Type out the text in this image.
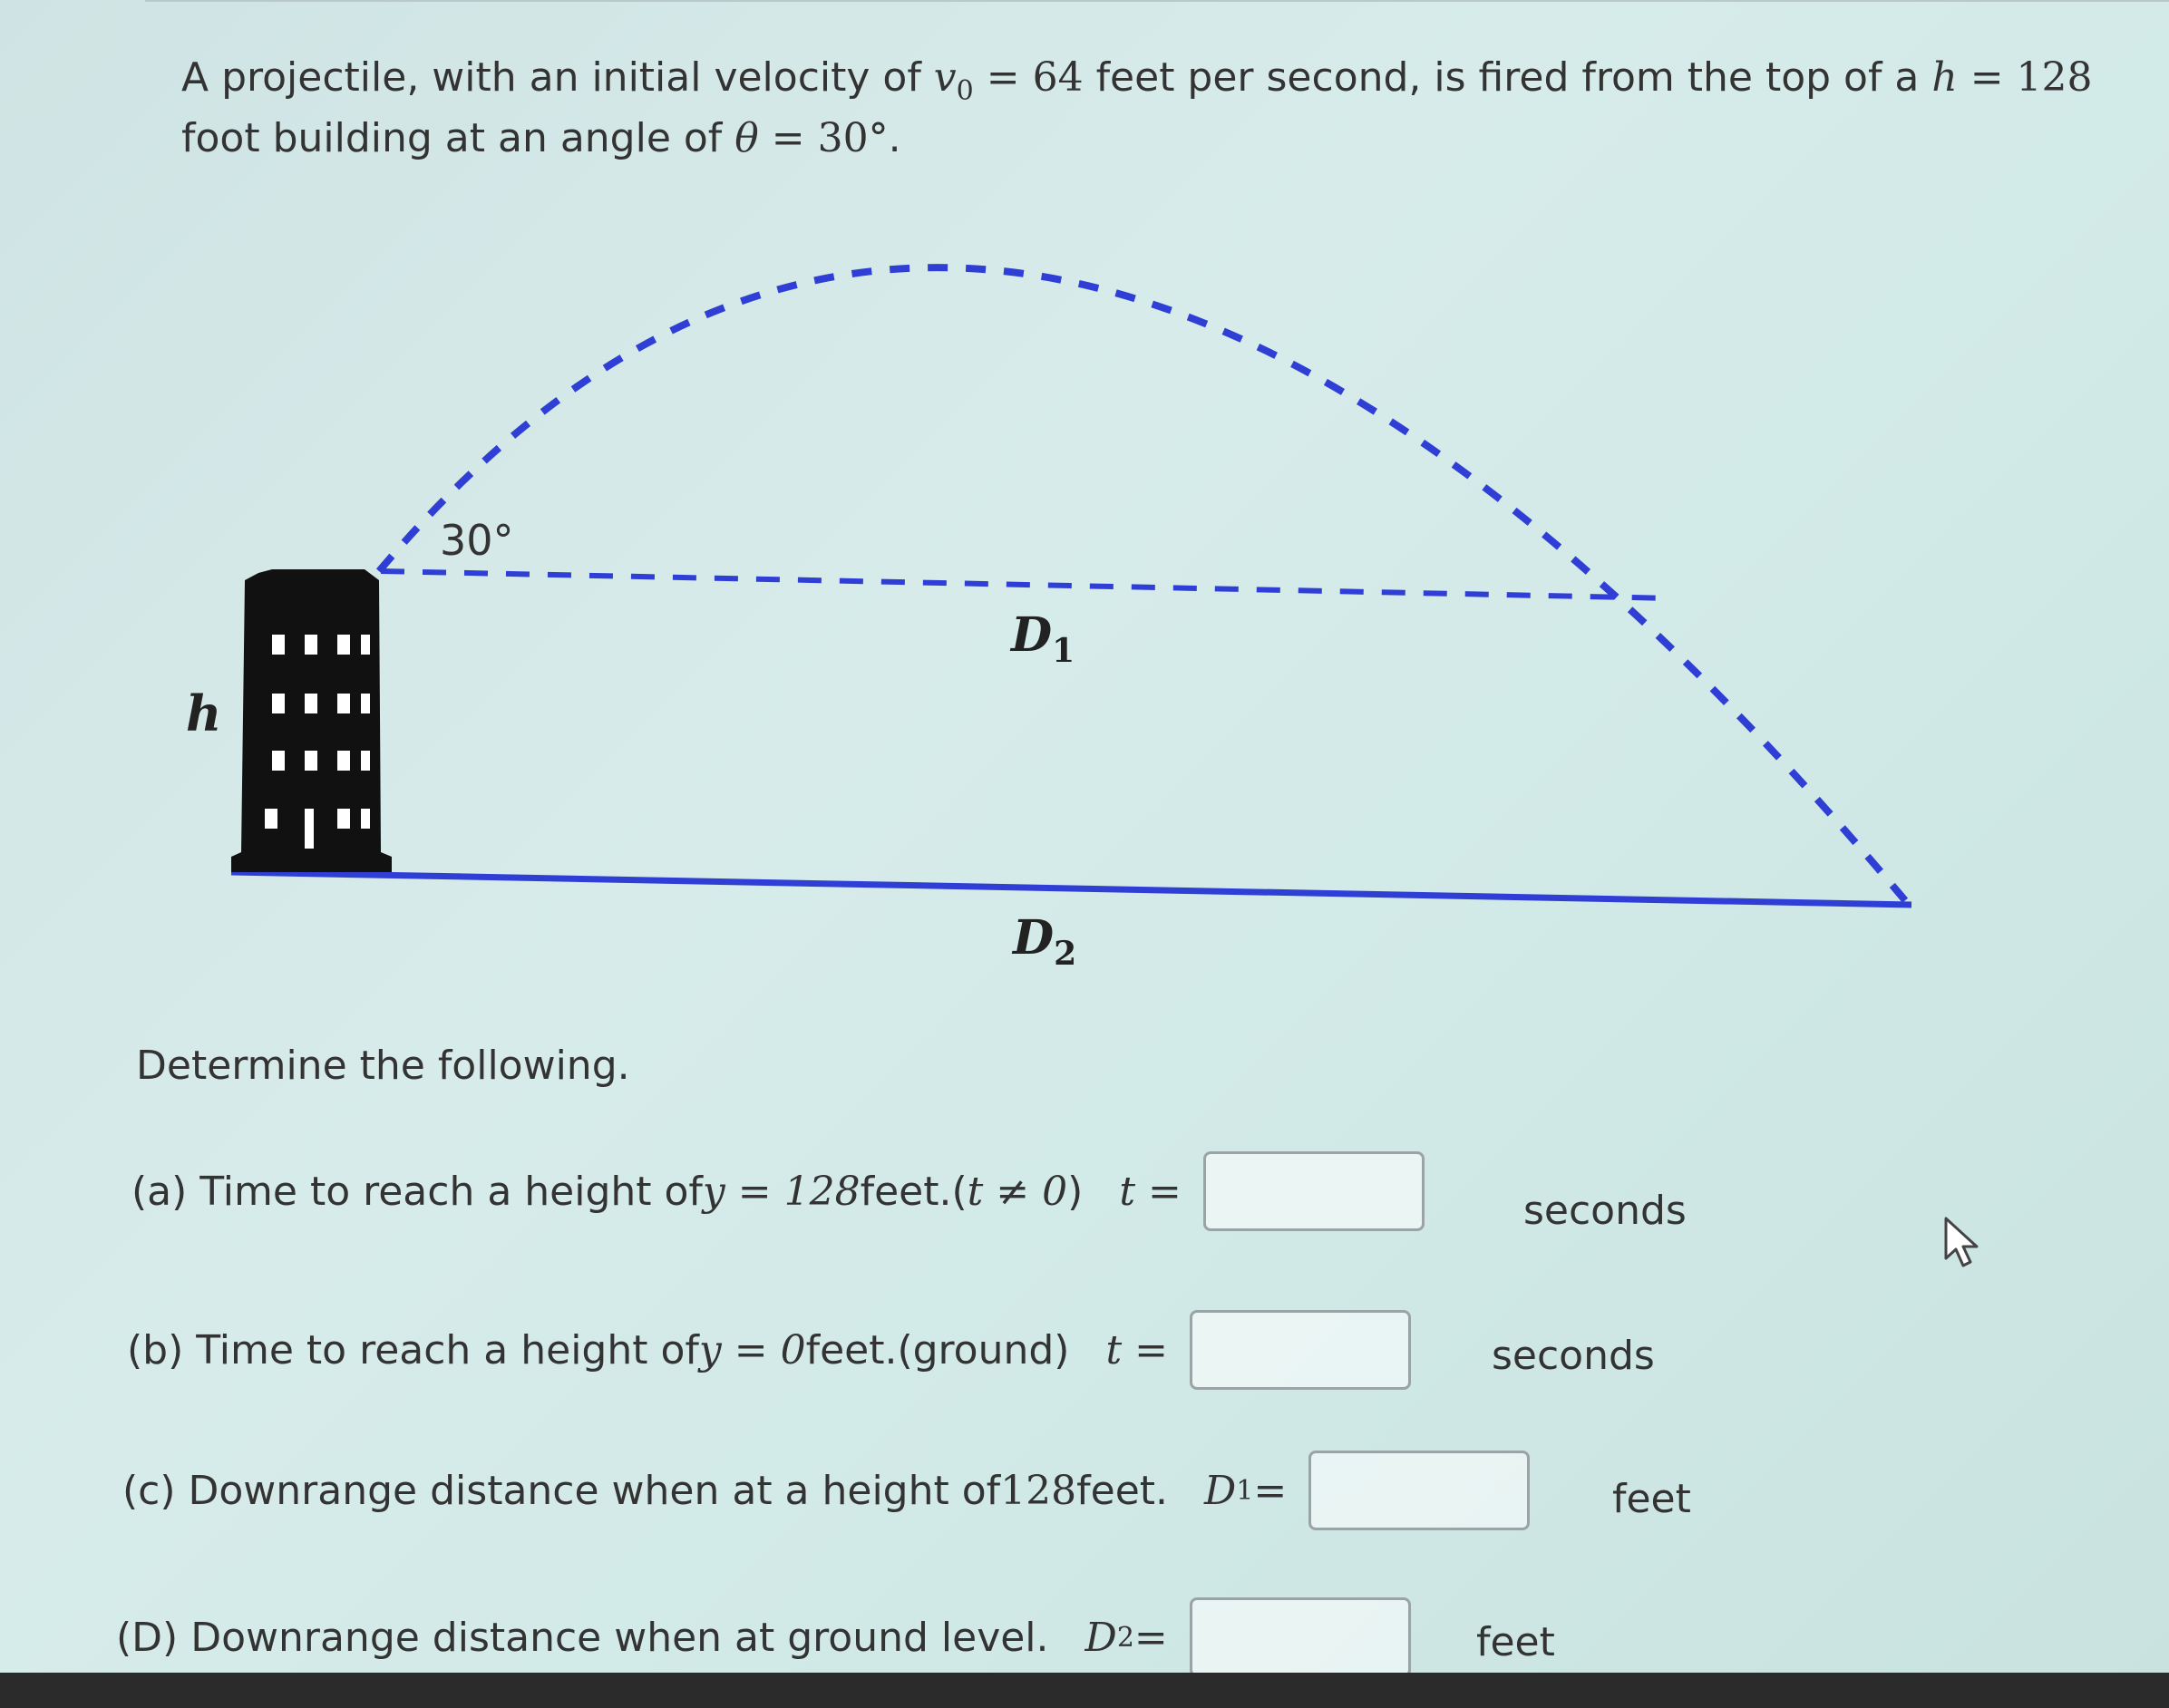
A projectile, with an initial velocity of $v_0 = 64$ feet per second, is fired from the top of a h = 128 foot building at an angle of θ = 30°.
30°
h
$D_1$
$D_2$
Determine the following.
(a) Time to reach a height of y = 128 feet.( t ≠ 0 ) t =	seconds
(b) Time to reach a height of y = 0 feet.(ground) t =	seconds
(c) Downrange distance when at a height of 128 feet. D 1 =	feet
(D) Downrange distance when at ground level. D 2 =	feet
